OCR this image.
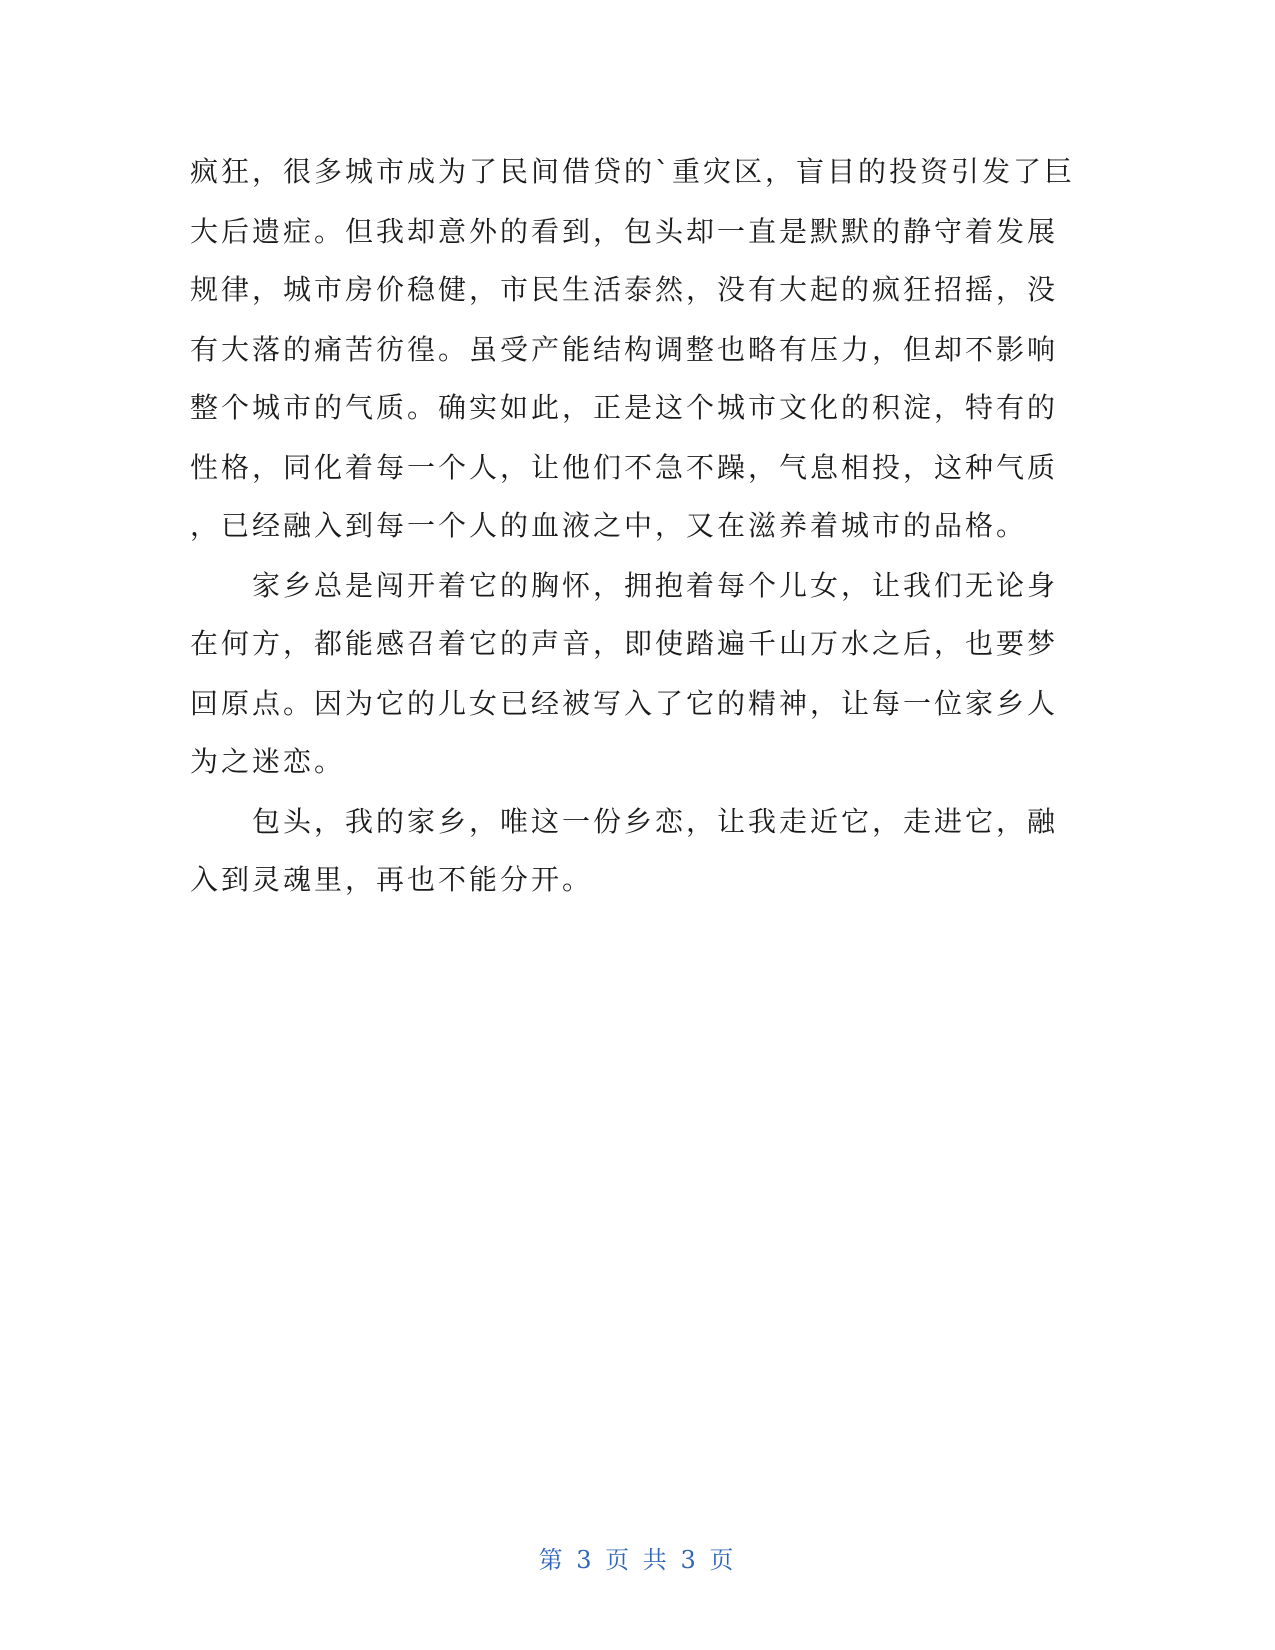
疯狂，很多城市成为了民间借贷的`重灾区，盲目的投资引发了巨
大后遗症。但我却意外的看到，包头却一直是默默的静守着发展
规律，城市房价稳健，市民生活泰然，没有大起的疯狂招摇，没
有大落的痛苦彷徨。虽受产能结构调整也略有压力，但却不影响
整个城市的气质。确实如此，正是这个城市文化的积淀，特有的
性格，同化着每一个人，让他们不急不躁，气息相投，这种气质
，已经融入到每一个人的血液之中，又在滋养着城市的品格。
　　家乡总是闯开着它的胸怀，拥抱着每个儿女，让我们无论身
在何方，都能感召着它的声音，即使踏遍千山万水之后，也要梦
回原点。因为它的儿女已经被写入了它的精神，让每一位家乡人
为之迷恋。
　　包头，我的家乡，唯这一份乡恋，让我走近它，走进它，融
入到灵魂里，再也不能分开。
第 3 页 共 3 页
